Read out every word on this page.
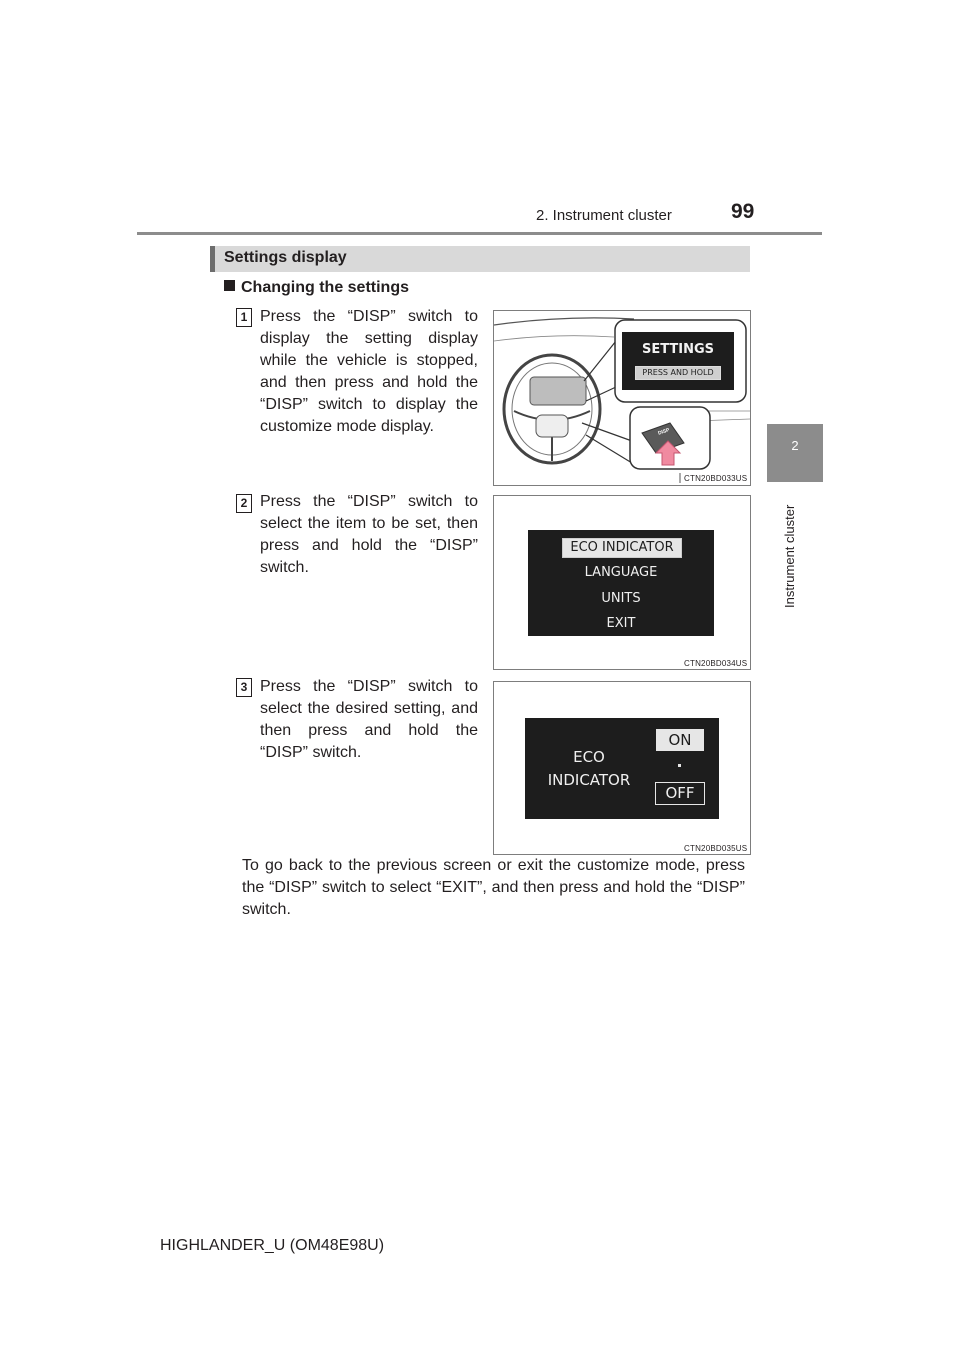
2. Instrument cluster	99
2
Instrument cluster
Settings display
Changing the settings
1 Press the “DISP” switch to display the setting display while the vehicle is stopped, and then press and hold the “DISP” switch to display the customize mode display.
SETTINGS
PRESS AND HOLD
DISP
CTN20BD033US
2 Press the “DISP” switch to select the item to be set, then press and hold the “DISP” switch.
ECO INDICATOR
LANGUAGE
UNITS
EXIT
CTN20BD034US
3 Press the “DISP” switch to select the desired setting, and then press and hold the “DISP” switch.	ECO
INDICATOR
ON
OFF
CTN20BD035US
To go back to the previous screen or exit the customize mode, press the “DISP” switch to select “EXIT”, and then press and hold the “DISP” switch.
HIGHLANDER_U (OM48E98U)
